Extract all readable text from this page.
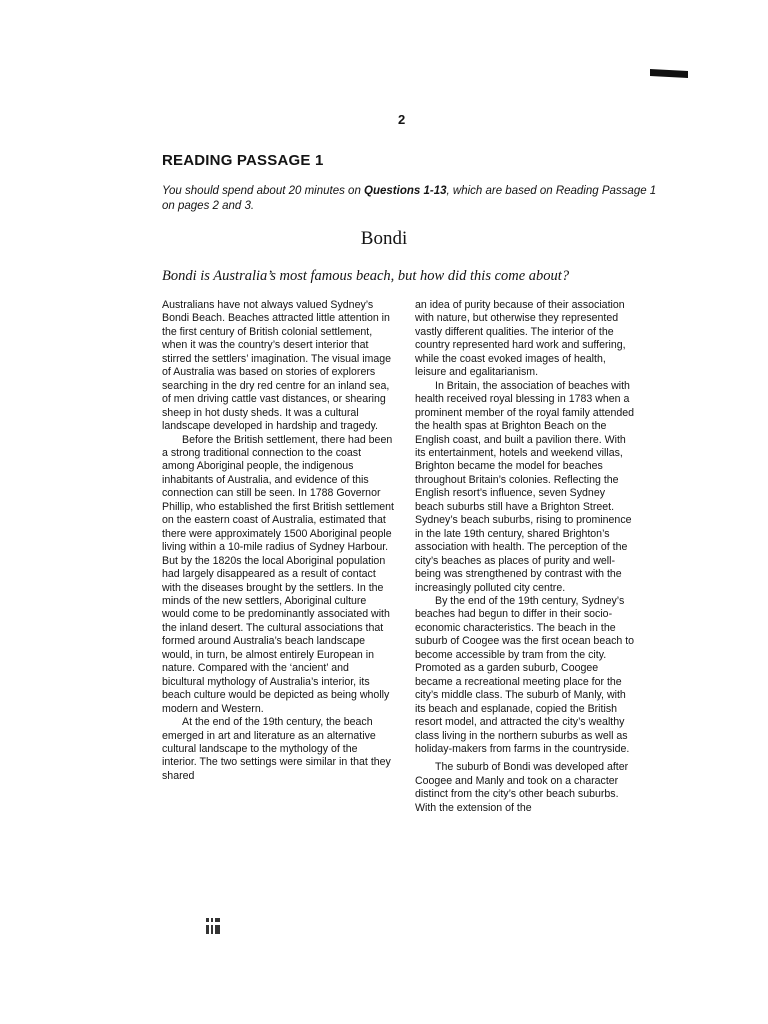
2
READING PASSAGE 1
You should spend about 20 minutes on Questions 1-13, which are based on Reading Passage 1 on pages 2 and 3.
Bondi
Bondi is Australia’s most famous beach, but how did this come about?

Australians have not always valued Sydney’s Bondi Beach. Beaches attracted little attention in the first century of British colonial settlement, when it was the country’s desert interior that stirred the settlers’ imagination. The visual image of Australia was based on stories of explorers searching in the dry red centre for an inland sea, of men driving cattle vast distances, or shearing sheep in hot dusty sheds. It was a cultural landscape developed in hardship and tragedy.

Before the British settlement, there had been a strong traditional connection to the coast among Aboriginal people, the indigenous inhabitants of Australia, and evidence of this connection can still be seen. In 1788 Governor Phillip, who established the first British settlement on the eastern coast of Australia, estimated that there were approximately 1500 Aboriginal people living within a 10-mile radius of Sydney Harbour. But by the 1820s the local Aboriginal population had largely disappeared as a result of contact with the diseases brought by the settlers. In the minds of the new settlers, Aboriginal culture would come to be predominantly associated with the inland desert. The cultural associations that formed around Australia’s beach landscape would, in turn, be almost entirely European in nature. Compared with the ‘ancient’ and bicultural mythology of Australia’s interior, its beach culture would be depicted as being wholly modern and Western.

At the end of the 19th century, the beach emerged in art and literature as an alternative cultural landscape to the mythology of the interior. The two settings were similar in that they shared

an idea of purity because of their association with nature, but otherwise they represented vastly different qualities. The interior of the country represented hard work and suffering, while the coast evoked images of health, leisure and egalitarianism.

In Britain, the association of beaches with health received royal blessing in 1783 when a prominent member of the royal family attended the health spas at Brighton Beach on the English coast, and built a pavilion there. With its entertainment, hotels and weekend villas, Brighton became the model for beaches throughout Britain’s colonies. Reflecting the English resort’s influence, seven Sydney beach suburbs still have a Brighton Street. Sydney’s beach suburbs, rising to prominence in the late 19th century, shared Brighton’s association with health. The perception of the city’s beaches as places of purity and well-being was strengthened by contrast with the increasingly polluted city centre.

By the end of the 19th century, Sydney’s beaches had begun to differ in their socio-economic characteristics. The beach in the suburb of Coogee was the first ocean beach to become accessible by tram from the city. Promoted as a garden suburb, Coogee became a recreational meeting place for the city’s middle class. The suburb of Manly, with its beach and esplanade, copied the British resort model, and attracted the city’s wealthy class living in the northern suburbs as well as holiday-makers from farms in the countryside.

The suburb of Bondi was developed after Coogee and Manly and took on a character distinct from the city’s other beach suburbs. With the extension of the
